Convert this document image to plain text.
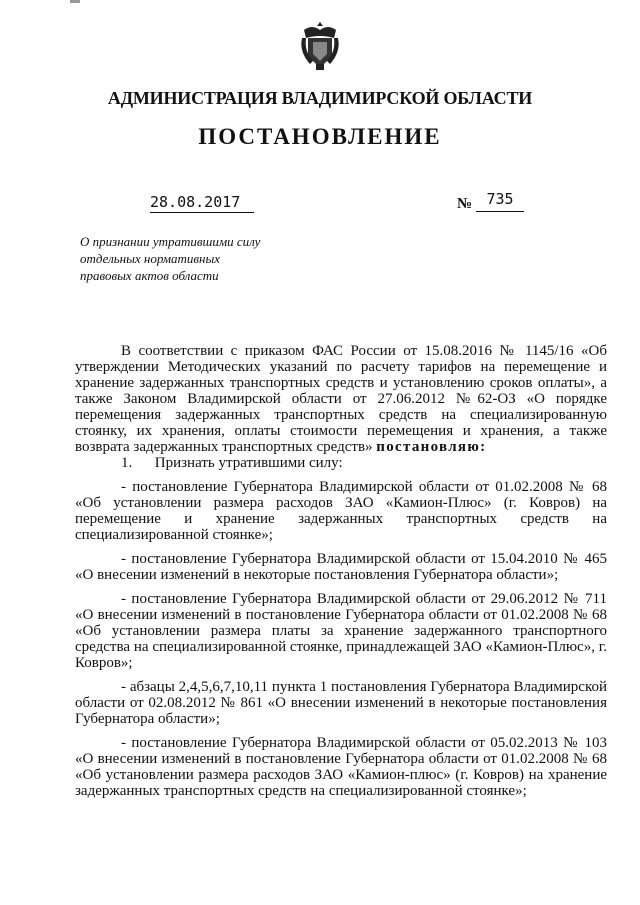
АДМИНИСТРАЦИЯ ВЛАДИМИРСКОЙ ОБЛАСТИ
ПОСТАНОВЛЕНИЕ
28.08.2017	№ 735
О признании утратившими силу
отдельных нормативных
правовых актов области

В соответствии с приказом ФАС России от 15.08.2016 № 1145/16 «Об утверждении Методических указаний по расчету тарифов на перемещение и хранение задержанных транспортных средств и установлению сроков оплаты», а также Законом Владимирской области от 27.06.2012 №62-ОЗ «О порядке перемещения задержанных транспортных средств на специализированную стоянку, их хранения, оплаты стоимости перемещения и хранения, а также возврата задержанных транспортных средств» постановляю:

1.      Признать утратившими силу:

- постановление Губернатора Владимирской области от 01.02.2008 № 68 «Об установлении размера расходов ЗАО «Камион-Плюс» (г. Ковров) на перемещение и хранение задержанных транспортных средств на специализированной стоянке»;

- постановление Губернатора Владимирской области от 15.04.2010 № 465 «О внесении изменений в некоторые постановления Губернатора области»;

- постановление Губернатора Владимирской области от 29.06.2012 № 711 «О внесении изменений в постановление Губернатора области от 01.02.2008 № 68 «Об установлении размера платы за хранение задержанного транспортного средства на специализированной стоянке, принадлежащей ЗАО «Камион-Плюс», г. Ковров»;

- абзацы 2,4,5,6,7,10,11 пункта 1 постановления Губернатора Владимирской области от 02.08.2012 № 861 «О внесении изменений в некоторые постановления Губернатора области»;

- постановление Губернатора Владимирской области от 05.02.2013 № 103 «О внесении изменений в постановление Губернатора области от 01.02.2008 № 68 «Об установлении размера расходов ЗАО «Камион-плюс» (г. Ковров) на хранение задержанных транспортных средств на специализированной стоянке»;
